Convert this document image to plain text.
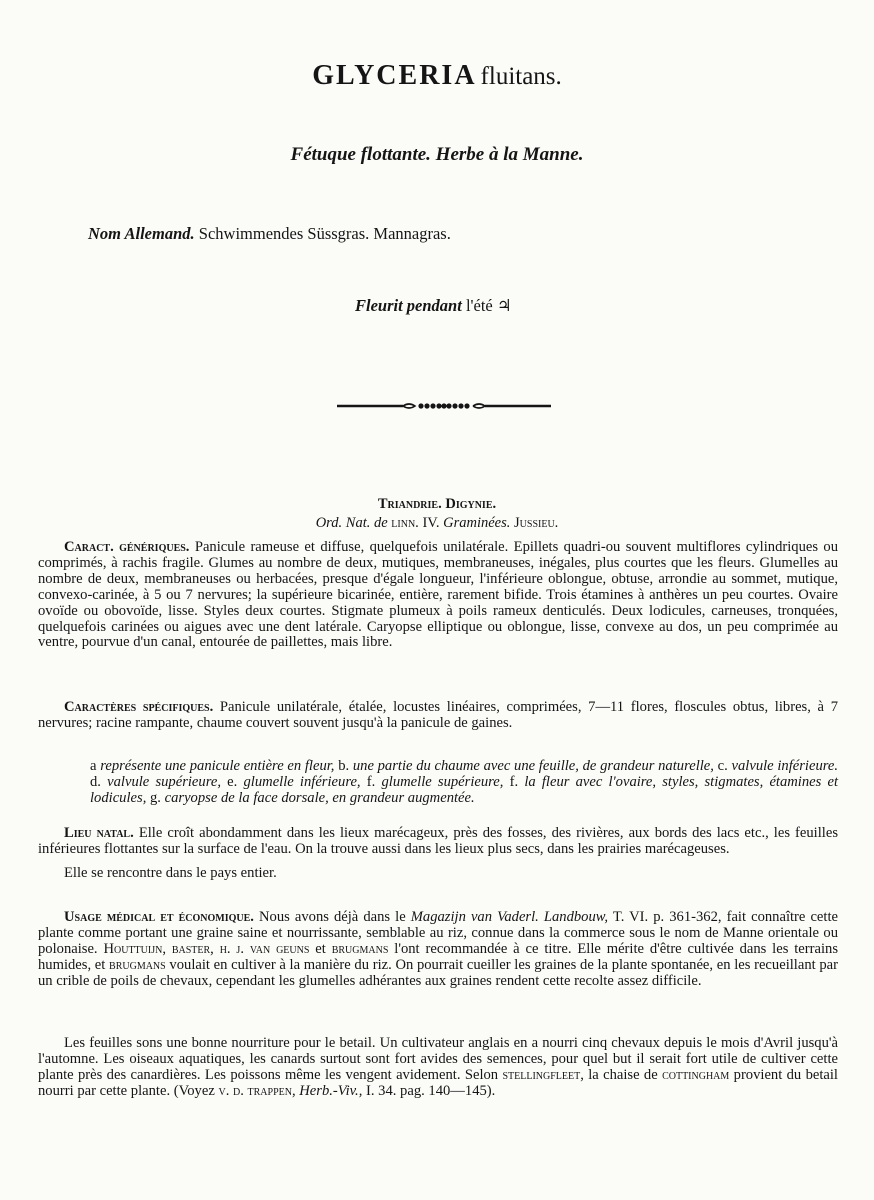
GLYCERIA fluitans.
Fétuque flottante. Herbe à la Manne.
Nom Allemand. Schwimmendes Süssgras. Mannagras.
Fleurit pendant l'été ♃
Triandrie. Digynie.
Ord. Nat. de linn. IV. Graminées. Jussieu.

Caract. génériques. Panicule rameuse et diffuse, quelquefois unilatérale. Epillets quadri-ou souvent multiflores cylindriques ou comprimés, à rachis fragile. Glumes au nombre de deux, mutiques, membraneuses, inégales, plus courtes que les fleurs. Glumelles au nombre de deux, membraneuses ou herbacées, presque d'égale longueur, l'inférieure oblongue, obtuse, arrondie au sommet, mutique, convexo-carinée, à 5 ou 7 nervures; la supérieure bicarinée, entière, rarement bifide. Trois étamines à anthères un peu courtes. Ovaire ovoïde ou obovoïde, lisse. Styles deux courtes. Stigmate plumeux à poils rameux denticulés. Deux lodicules, carneuses, tronquées, quelquefois carinées ou aigues avec une dent latérale. Caryopse elliptique ou oblongue, lisse, convexe au dos, un peu comprimée au ventre, pourvue d'un canal, entourée de paillettes, mais libre.

Caractères spécifiques. Panicule unilatérale, étalée, locustes linéaires, comprimées, 7—11 flores, floscules obtus, libres, à 7 nervures; racine rampante, chaume couvert souvent jusqu'à la panicule de gaines.

a représente une panicule entière en fleur, b. une partie du chaume avec une feuille, de grandeur naturelle, c. valvule inférieure. d. valvule supérieure, e. glumelle inférieure, f. glumelle supérieure, f. la fleur avec l'ovaire, styles, stigmates, étamines et lodicules, g. caryopse de la face dorsale, en grandeur augmentée.

Lieu natal. Elle croît abondamment dans les lieux marécageux, près des fosses, des rivières, aux bords des lacs etc., les feuilles inférieures flottantes sur la surface de l'eau. On la trouve aussi dans les lieux plus secs, dans les prairies marécageuses.

Elle se rencontre dans le pays entier.

Usage médical et économique. Nous avons déjà dans le Magazijn van Vaderl. Landbouw, T. VI. p. 361-362, fait connaître cette plante comme portant une graine saine et nourrissante, semblable au riz, connue dans la commerce sous le nom de Manne orientale ou polonaise. Houttuijn, baster, h. j. van geuns et brugmans l'ont recommandée à ce titre. Elle mérite d'être cultivée dans les terrains humides, et brugmans voulait en cultiver à la manière du riz. On pourrait cueiller les graines de la plante spontanée, en les recueillant par un crible de poils de chevaux, cependant les glumelles adhérantes aux graines rendent cette recolte assez difficile.

Les feuilles sons une bonne nourriture pour le betail. Un cultivateur anglais en a nourri cinq chevaux depuis le mois d'Avril jusqu'à l'automne. Les oiseaux aquatiques, les canards surtout sont fort avides des semences, pour quel but il serait fort utile de cultiver cette plante près des canardières. Les poissons même les vengent avidement. Selon stellingfleet, la chaise de cottingham provient du betail nourri par cette plante. (Voyez v. d. trappen, Herb.-Viv., I. 34. pag. 140—145).
